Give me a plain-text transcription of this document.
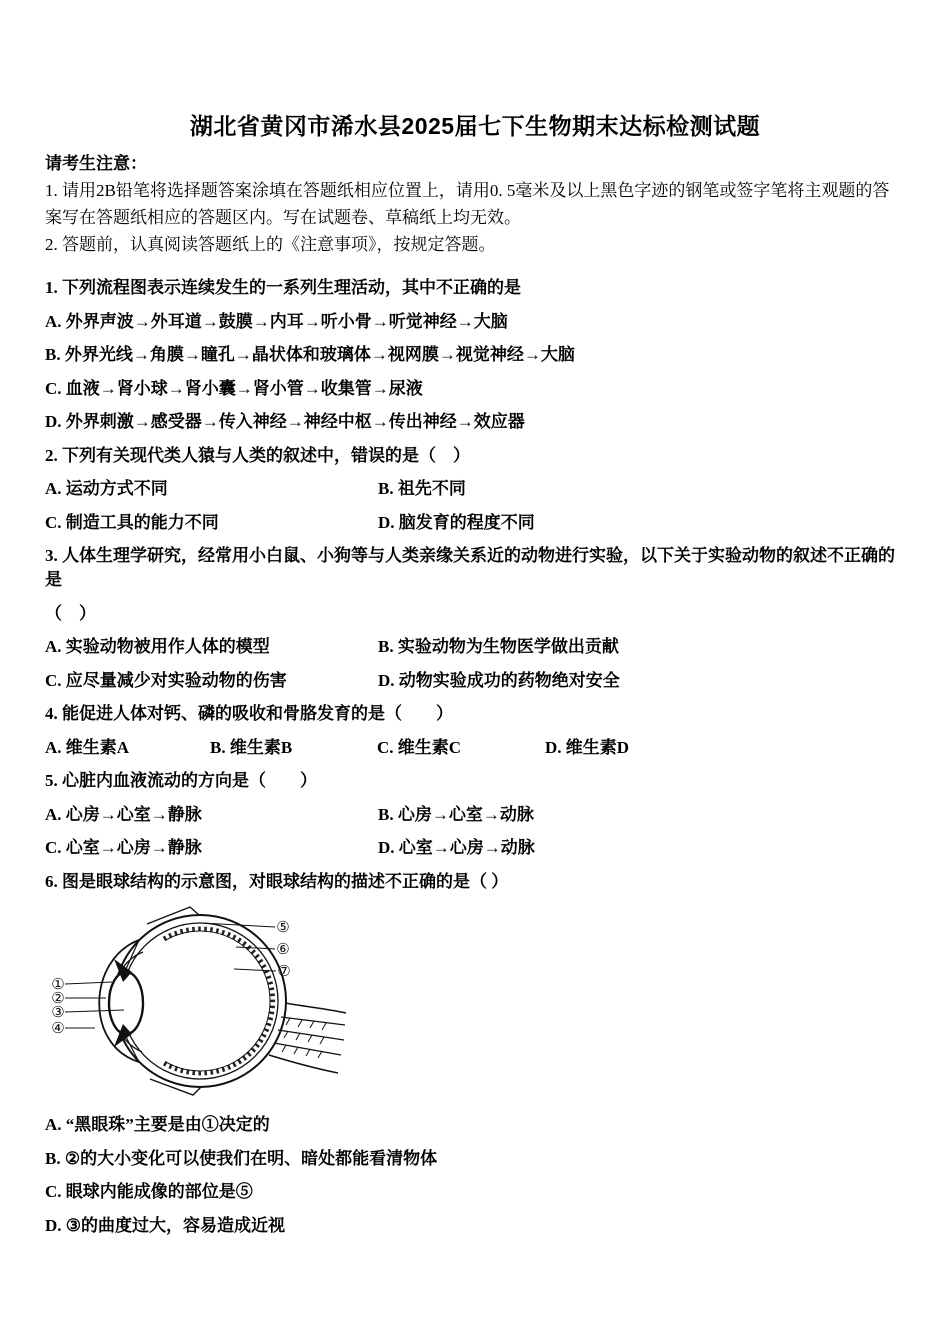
湖北省黄冈市浠水县2025届七下生物期末达标检测试题
请考生注意：
1. 请用2B铅笔将选择题答案涂填在答题纸相应位置上，请用0. 5毫米及以上黑色字迹的钢笔或签字笔将主观题的答案写在答题纸相应的答题区内。写在试题卷、草稿纸上均无效。
2. 答题前，认真阅读答题纸上的《注意事项》，按规定答题。
1. 下列流程图表示连续发生的一系列生理活动，其中不正确的是
A. 外界声波→外耳道→鼓膜→内耳→听小骨→听觉神经→大脑
B. 外界光线→角膜→瞳孔→晶状体和玻璃体→视网膜→视觉神经→大脑
C. 血液→肾小球→肾小囊→肾小管→收集管→尿液
D. 外界刺激→感受器→传入神经→神经中枢→传出神经→效应器
2. 下列有关现代类人猿与人类的叙述中，错误的是（　）
A. 运动方式不同	B. 祖先不同
C. 制造工具的能力不同	D. 脑发育的程度不同
3. 人体生理学研究，经常用小白鼠、小狗等与人类亲缘关系近的动物进行实验，以下关于实验动物的叙述不正确的是
（　）
A. 实验动物被用作人体的模型	B. 实验动物为生物医学做出贡献
C. 应尽量减少对实验动物的伤害	D. 动物实验成功的药物绝对安全
4. 能促进人体对钙、磷的吸收和骨胳发育的是（　　）
A. 维生素A	B. 维生素B	C. 维生素C	D. 维生素D
5. 心脏内血液流动的方向是（　　）
A. 心房→心室→静脉	B. 心房→心室→动脉
C. 心室→心房→静脉	D. 心室→心房→动脉
6. 图是眼球结构的示意图，对眼球结构的描述不正确的是（ ）
①
②
③
④
⑤
⑥
⑦
A. “黑眼珠”主要是由①决定的
B. ②的大小变化可以使我们在明、暗处都能看清物体
C. 眼球内能成像的部位是⑤
D. ③的曲度过大，容易造成近视
